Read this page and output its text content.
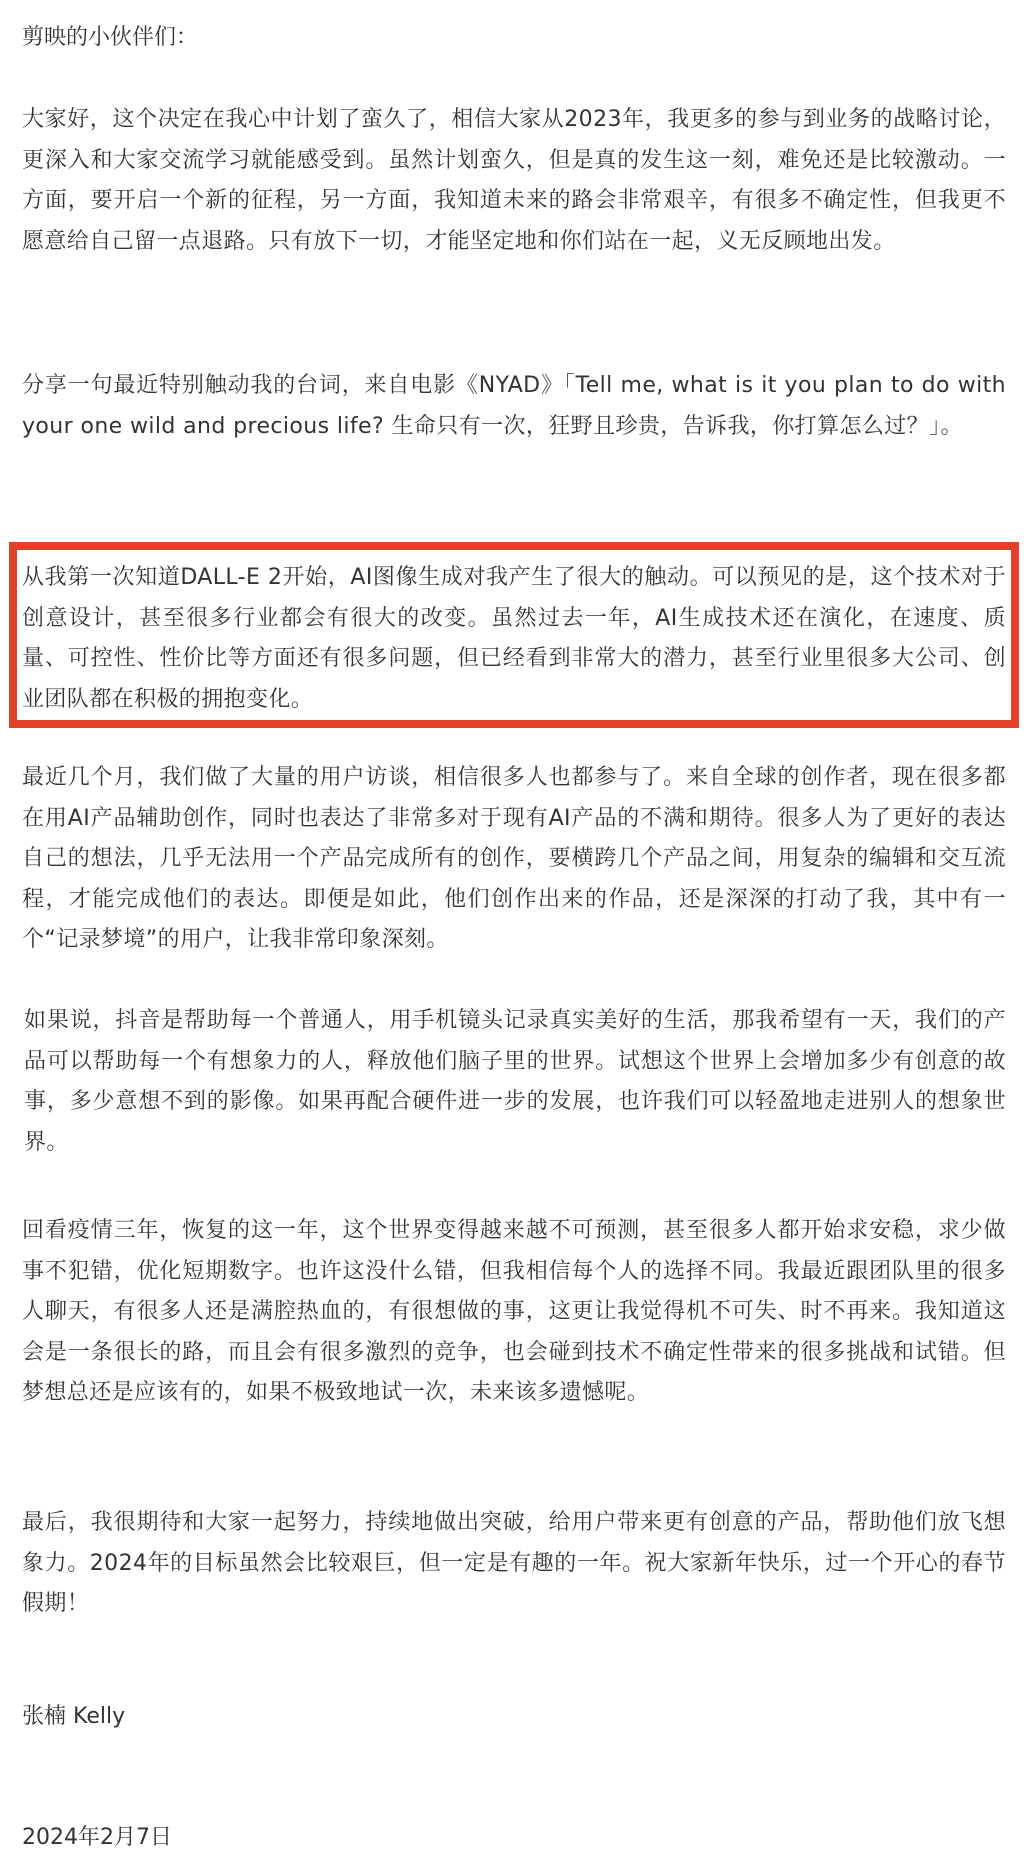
剪映的小伙伴们：

大家好，这个决定在我心中计划了蛮久了，相信大家从2023年，我更多的参与到业务的战略讨论，更深入和大家交流学习就能感受到。虽然计划蛮久，但是真的发生这一刻，难免还是比较激动。一方面，要开启一个新的征程，另一方面，我知道未来的路会非常艰辛，有很多不确定性，但我更不愿意给自己留一点退路。只有放下一切，才能坚定地和你们站在一起，义无反顾地出发。

分享一句最近特别触动我的台词，来自电影《NYAD》「Tell me, what is it you plan to do with your one wild and precious life? 生命只有一次，狂野且珍贵，告诉我，你打算怎么过？」。

从我第一次知道DALL-E 2开始，AI图像生成对我产生了很大的触动。可以预见的是，这个技术对于创意设计，甚至很多行业都会有很大的改变。虽然过去一年，AI生成技术还在演化，在速度、质量、可控性、性价比等方面还有很多问题，但已经看到非常大的潜力，甚至行业里很多大公司、创业团队都在积极的拥抱变化。

最近几个月，我们做了大量的用户访谈，相信很多人也都参与了。来自全球的创作者，现在很多都在用AI产品辅助创作，同时也表达了非常多对于现有AI产品的不满和期待。很多人为了更好的表达自己的想法，几乎无法用一个产品完成所有的创作，要横跨几个产品之间，用复杂的编辑和交互流程，才能完成他们的表达。即便是如此，他们创作出来的作品，还是深深的打动了我，其中有一个“记录梦境”的用户，让我非常印象深刻。

如果说，抖音是帮助每一个普通人，用手机镜头记录真实美好的生活，那我希望有一天，我们的产品可以帮助每一个有想象力的人，释放他们脑子里的世界。试想这个世界上会增加多少有创意的故事，多少意想不到的影像。如果再配合硬件进一步的发展，也许我们可以轻盈地走进别人的想象世界。

回看疫情三年，恢复的这一年，这个世界变得越来越不可预测，甚至很多人都开始求安稳，求少做事不犯错，优化短期数字。也许这没什么错，但我相信每个人的选择不同。我最近跟团队里的很多人聊天，有很多人还是满腔热血的，有很想做的事，这更让我觉得机不可失、时不再来。我知道这会是一条很长的路，而且会有很多激烈的竞争，也会碰到技术不确定性带来的很多挑战和试错。但梦想总还是应该有的，如果不极致地试一次，未来该多遗憾呢。

最后，我很期待和大家一起努力，持续地做出突破，给用户带来更有创意的产品，帮助他们放飞想象力。2024年的目标虽然会比较艰巨，但一定是有趣的一年。祝大家新年快乐，过一个开心的春节假期！

张楠 Kelly

2024年2月7日
